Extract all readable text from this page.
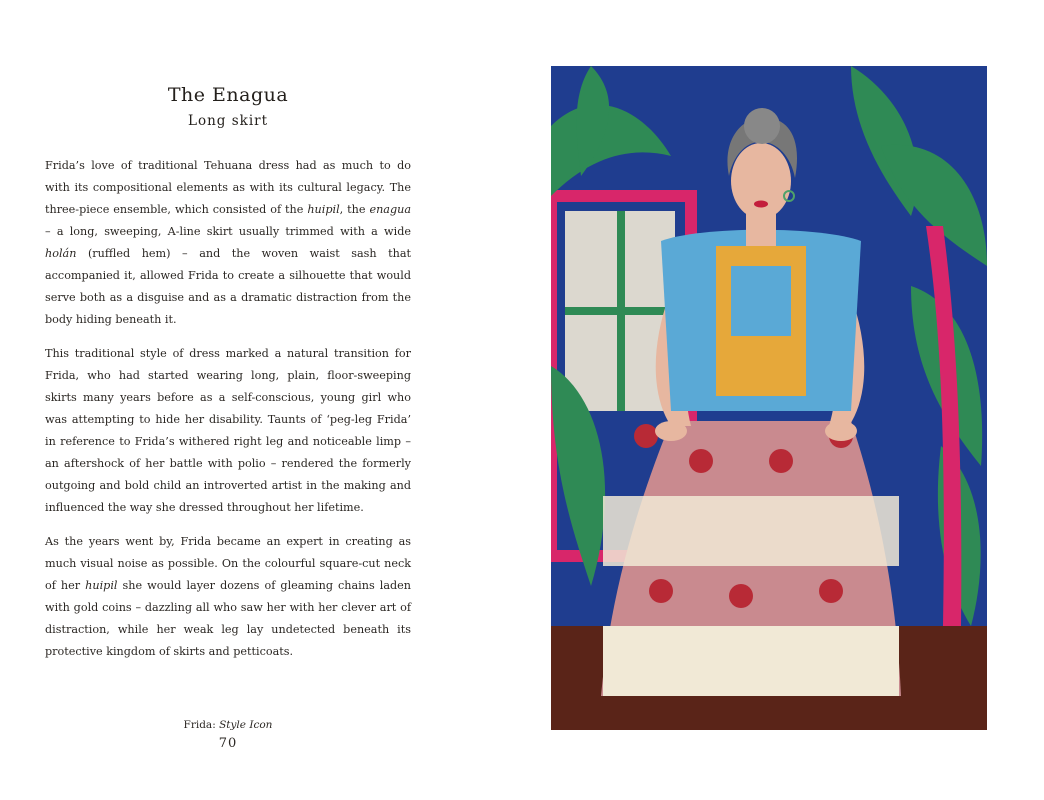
The Enagua
Long skirt

Frida’s love of traditional Tehuana dress had as much to do with its compositional elements as with its cultural legacy. The three-piece ensemble, which consisted of the huipil, the enagua – a long, sweeping, A-line skirt usually trimmed with a wide holán (ruffled hem) – and the woven waist sash that accompanied it, allowed Frida to create a silhouette that would serve both as a disguise and as a dramatic distraction from the body hiding beneath it.

This traditional style of dress marked a natural transition for Frida, who had started wearing long, plain, floor-sweeping skirts many years before as a self-conscious, young girl who was attempting to hide her disability. Taunts of ‘peg-leg Frida’ in reference to Frida’s withered right leg and noticeable limp – an aftershock of her battle with polio – rendered the formerly outgoing and bold child an introverted artist in the making and influenced the way she dressed throughout her lifetime.

As the years went by, Frida became an expert in creating as much visual noise as possible. On the colourful square-cut neck of her huipil she would layer dozens of gleaming chains laden with gold coins – dazzling all who saw her with her clever art of distraction, while her weak leg lay undetected beneath its protective kingdom of skirts and petticoats.

Frida: Style Icon
70
